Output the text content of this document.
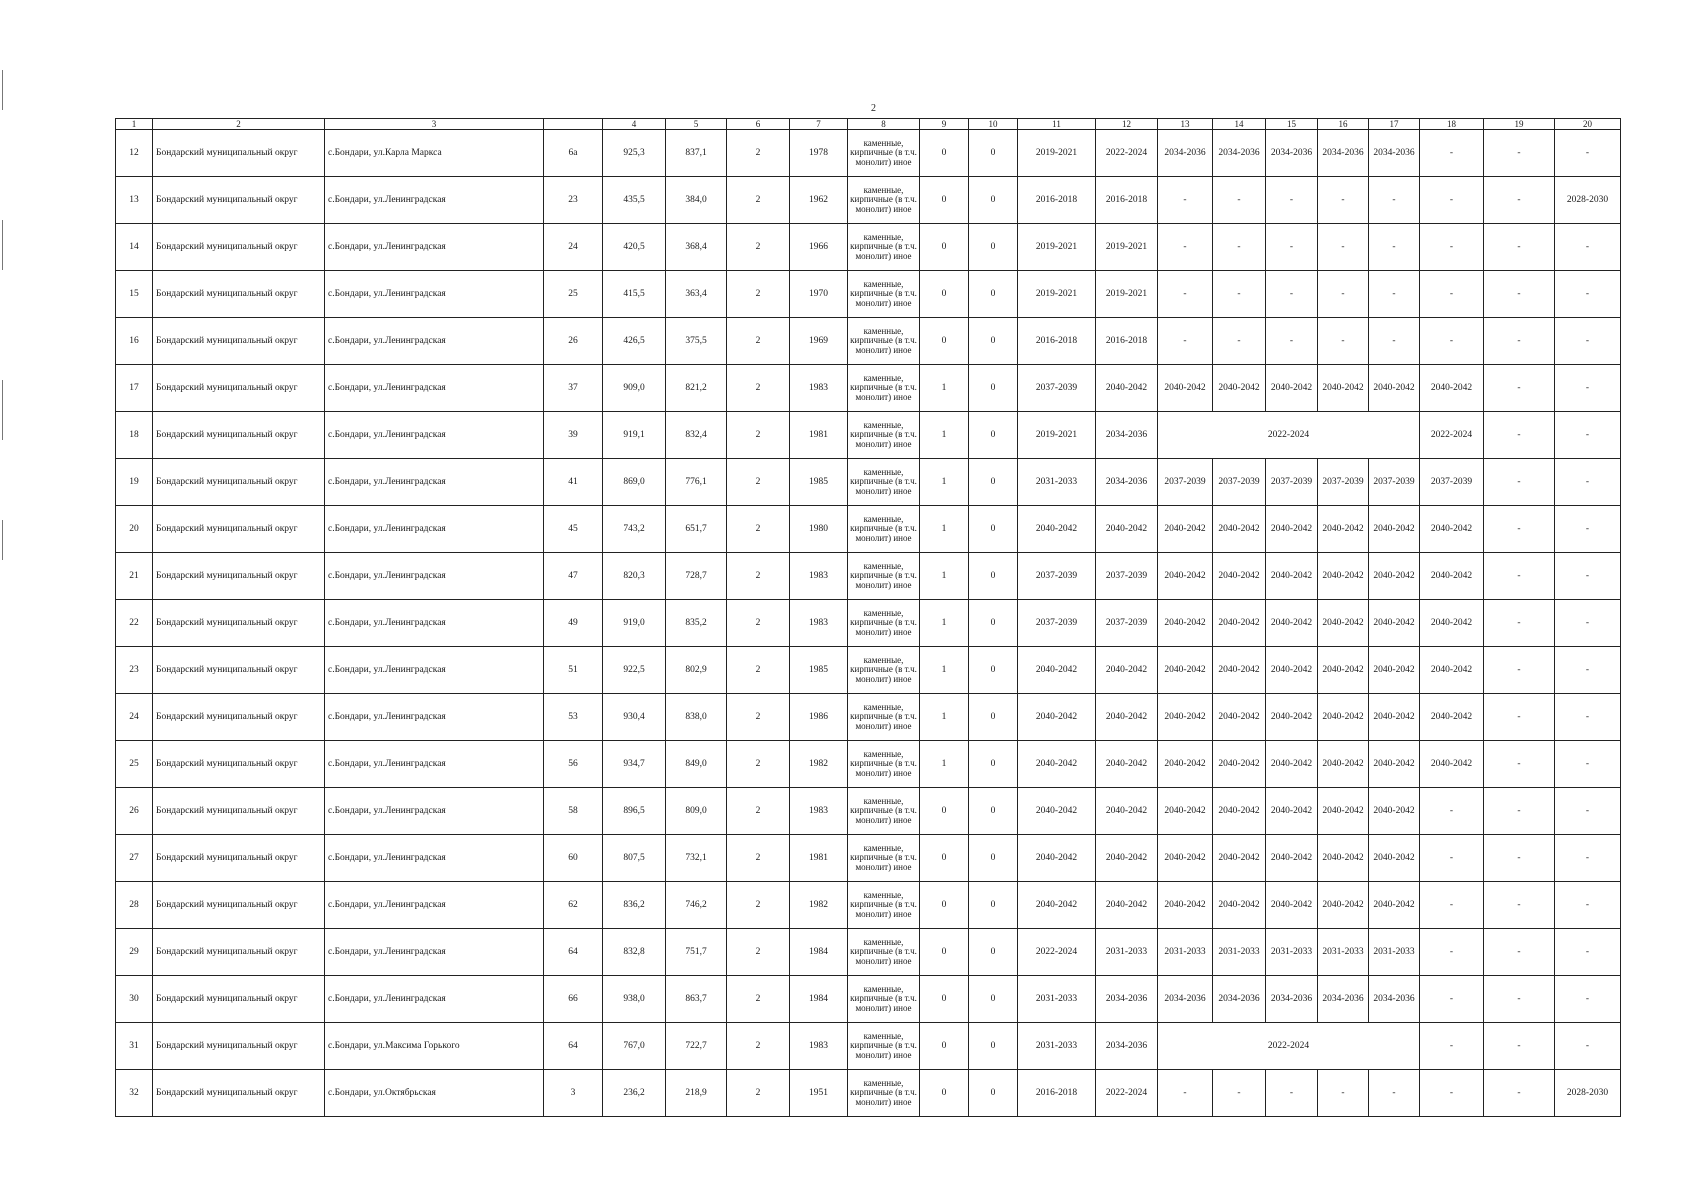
2
1	2	3		4	5	6	7	8	9	10	11	12	13	14	15	16	17	18	19	20
12	Бондарский муниципальный округ	с.Бондари, ул.Карла Маркса	6а	925,3	837,1	2	1978	каменные, кирпичные (в т.ч. монолит) иное	0	0	2019-2021	2022-2024	2034-2036	2034-2036	2034-2036	2034-2036	2034-2036	-	-	-
13	Бондарский муниципальный округ	с.Бондари, ул.Ленинградская	23	435,5	384,0	2	1962	каменные, кирпичные (в т.ч. монолит) иное	0	0	2016-2018	2016-2018	-	-	-	-	-	-	-	2028-2030
14	Бондарский муниципальный округ	с.Бондари, ул.Ленинградская	24	420,5	368,4	2	1966	каменные, кирпичные (в т.ч. монолит) иное	0	0	2019-2021	2019-2021	-	-	-	-	-	-	-	-
15	Бондарский муниципальный округ	с.Бондари, ул.Ленинградская	25	415,5	363,4	2	1970	каменные, кирпичные (в т.ч. монолит) иное	0	0	2019-2021	2019-2021	-	-	-	-	-	-	-	-
16	Бондарский муниципальный округ	с.Бондари, ул.Ленинградская	26	426,5	375,5	2	1969	каменные, кирпичные (в т.ч. монолит) иное	0	0	2016-2018	2016-2018	-	-	-	-	-	-	-	-
17	Бондарский муниципальный округ	с.Бондари, ул.Ленинградская	37	909,0	821,2	2	1983	каменные, кирпичные (в т.ч. монолит) иное	1	0	2037-2039	2040-2042	2040-2042	2040-2042	2040-2042	2040-2042	2040-2042	2040-2042	-	-
18	Бондарский муниципальный округ	с.Бондари, ул.Ленинградская	39	919,1	832,4	2	1981	каменные, кирпичные (в т.ч. монолит) иное	1	0	2019-2021	2034-2036	2022-2024					2022-2024	-	-
19	Бондарский муниципальный округ	с.Бондари, ул.Ленинградская	41	869,0	776,1	2	1985	каменные, кирпичные (в т.ч. монолит) иное	1	0	2031-2033	2034-2036	2037-2039	2037-2039	2037-2039	2037-2039	2037-2039	2037-2039	-	-
20	Бондарский муниципальный округ	с.Бондари, ул.Ленинградская	45	743,2	651,7	2	1980	каменные, кирпичные (в т.ч. монолит) иное	1	0	2040-2042	2040-2042	2040-2042	2040-2042	2040-2042	2040-2042	2040-2042	2040-2042	-	-
21	Бондарский муниципальный округ	с.Бондари, ул.Ленинградская	47	820,3	728,7	2	1983	каменные, кирпичные (в т.ч. монолит) иное	1	0	2037-2039	2037-2039	2040-2042	2040-2042	2040-2042	2040-2042	2040-2042	2040-2042	-	-
22	Бондарский муниципальный округ	с.Бондари, ул.Ленинградская	49	919,0	835,2	2	1983	каменные, кирпичные (в т.ч. монолит) иное	1	0	2037-2039	2037-2039	2040-2042	2040-2042	2040-2042	2040-2042	2040-2042	2040-2042	-	-
23	Бондарский муниципальный округ	с.Бондари, ул.Ленинградская	51	922,5	802,9	2	1985	каменные, кирпичные (в т.ч. монолит) иное	1	0	2040-2042	2040-2042	2040-2042	2040-2042	2040-2042	2040-2042	2040-2042	2040-2042	-	-
24	Бондарский муниципальный округ	с.Бондари, ул.Ленинградская	53	930,4	838,0	2	1986	каменные, кирпичные (в т.ч. монолит) иное	1	0	2040-2042	2040-2042	2040-2042	2040-2042	2040-2042	2040-2042	2040-2042	2040-2042	-	-
25	Бондарский муниципальный округ	с.Бондари, ул.Ленинградская	56	934,7	849,0	2	1982	каменные, кирпичные (в т.ч. монолит) иное	1	0	2040-2042	2040-2042	2040-2042	2040-2042	2040-2042	2040-2042	2040-2042	2040-2042	-	-
26	Бондарский муниципальный округ	с.Бондари, ул.Ленинградская	58	896,5	809,0	2	1983	каменные, кирпичные (в т.ч. монолит) иное	0	0	2040-2042	2040-2042	2040-2042	2040-2042	2040-2042	2040-2042	2040-2042	-	-	-
27	Бондарский муниципальный округ	с.Бондари, ул.Ленинградская	60	807,5	732,1	2	1981	каменные, кирпичные (в т.ч. монолит) иное	0	0	2040-2042	2040-2042	2040-2042	2040-2042	2040-2042	2040-2042	2040-2042	-	-	-
28	Бондарский муниципальный округ	с.Бондари, ул.Ленинградская	62	836,2	746,2	2	1982	каменные, кирпичные (в т.ч. монолит) иное	0	0	2040-2042	2040-2042	2040-2042	2040-2042	2040-2042	2040-2042	2040-2042	-	-	-
29	Бондарский муниципальный округ	с.Бондари, ул.Ленинградская	64	832,8	751,7	2	1984	каменные, кирпичные (в т.ч. монолит) иное	0	0	2022-2024	2031-2033	2031-2033	2031-2033	2031-2033	2031-2033	2031-2033	-	-	-
30	Бондарский муниципальный округ	с.Бондари, ул.Ленинградская	66	938,0	863,7	2	1984	каменные, кирпичные (в т.ч. монолит) иное	0	0	2031-2033	2034-2036	2034-2036	2034-2036	2034-2036	2034-2036	2034-2036	-	-	-
31	Бондарский муниципальный округ	с.Бондари, ул.Максима Горького	64	767,0	722,7	2	1983	каменные, кирпичные (в т.ч. монолит) иное	0	0	2031-2033	2034-2036	2022-2024					-	-	-
32	Бондарский муниципальный округ	с.Бондари, ул.Октябрьская	3	236,2	218,9	2	1951	каменные, кирпичные (в т.ч. монолит) иное	0	0	2016-2018	2022-2024	-	-	-	-	-	-	-	2028-2030
